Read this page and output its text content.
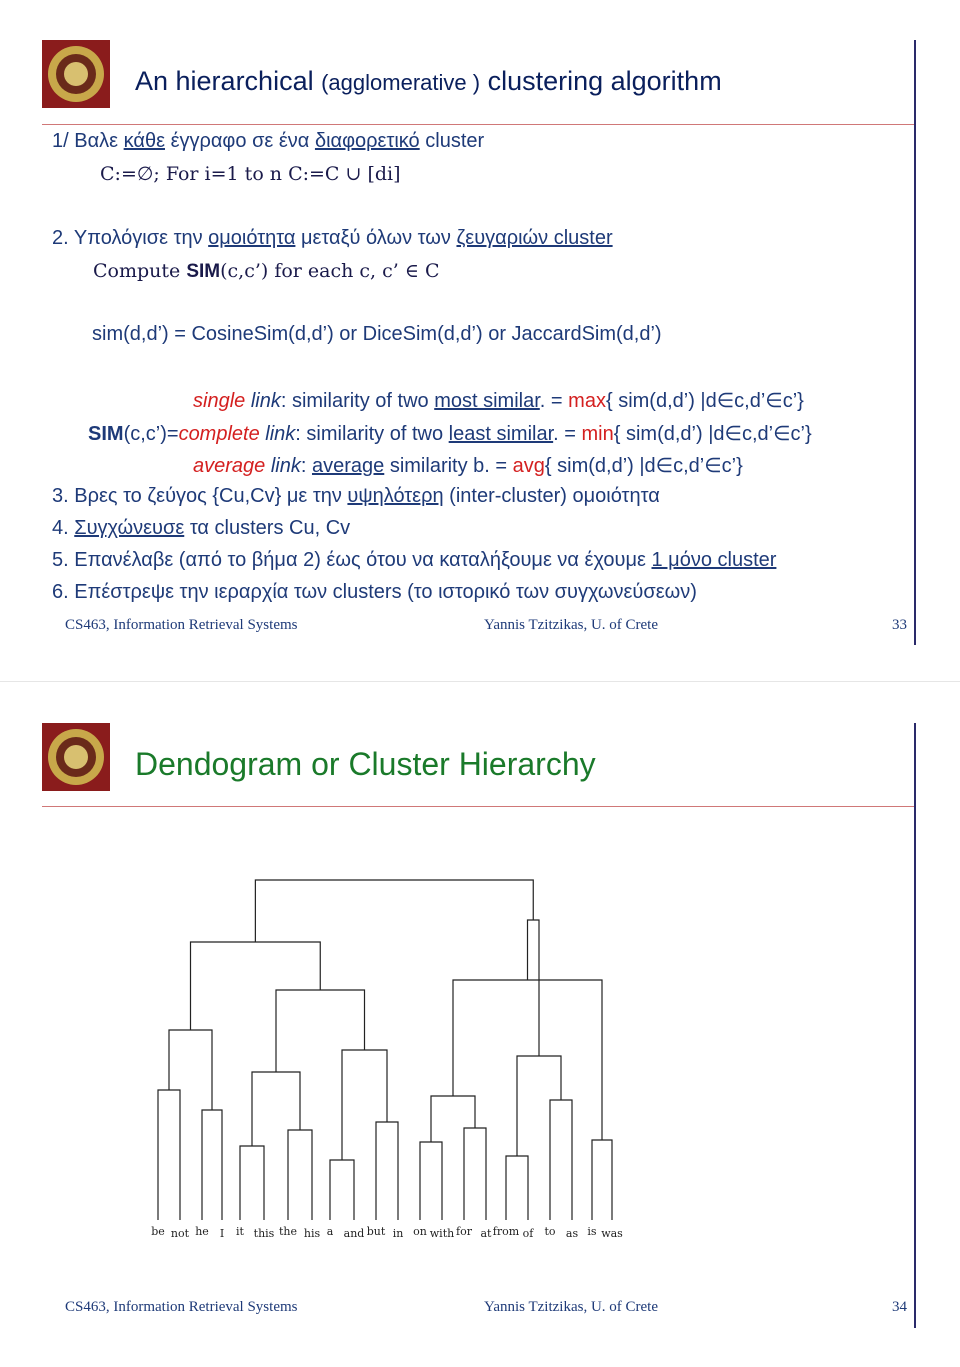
An hierarchical (agglomerative ) clustering algorithm
1/ Βαλε κάθε έγγραφο σε ένα διαφορετικό cluster
C:=∅; For i=1 to n C:=C ∪ [di]
2. Υπολόγισε την ομοιότητα μεταξύ όλων των ζευγαριών cluster
Compute SIM(c,c’) for each c, c’ ∈ C
sim(d,d’) = CosineSim(d,d’) or DiceSim(d,d’) or JaccardSim(d,d’)
single link: similarity of two most similar. = max{ sim(d,d’) |d∈c,d’∈c’}
SIM(c,c’)=complete link: similarity of two least similar. = min{ sim(d,d’) |d∈c,d’∈c’}
average link: average similarity b. = avg{ sim(d,d’) |d∈c,d’∈c’}
3. Βρες το ζεύγος {Cu,Cv} με την υψηλότερη (inter-cluster) ομοιότητα
4. Συγχώνευσε τα clusters Cu, Cv
5. Επανέλαβε (από το βήμα 2) έως ότου να καταλήξουμε να έχουμε 1 μόνο cluster
6. Επέστρεψε την ιεραρχία των clusters (το ιστορικό των συγχωνεύσεων)
CS463, Information Retrieval Systems	Yannis Tzitzikas, U. of Crete	33
Dendogram or Cluster Hierarchy
be not he I it this the his a and but in on with for at from of to as is was
CS463, Information Retrieval Systems	Yannis Tzitzikas, U. of Crete	34
